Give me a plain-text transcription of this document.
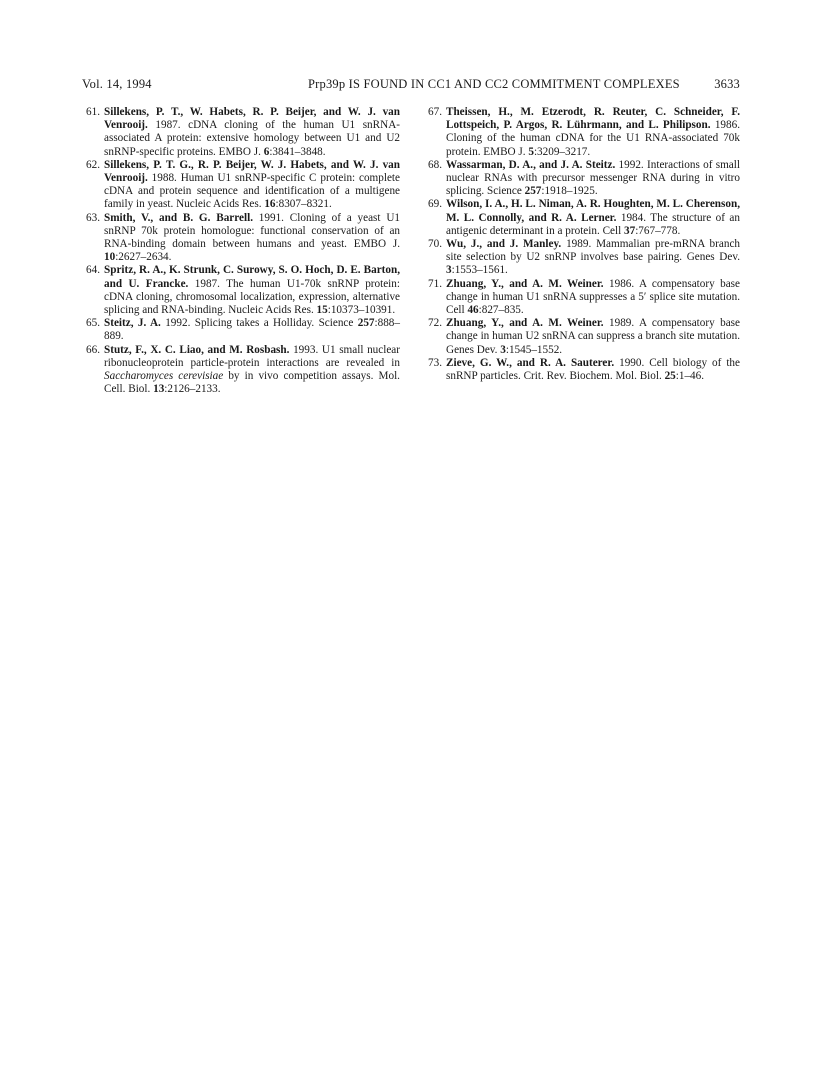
Vol. 14, 1994	Prp39p IS FOUND IN CC1 AND CC2 COMMITMENT COMPLEXES	3633
61 . Sillekens, P. T., W. Habets, R. P. Beijer, and W. J. van Venrooij. 1987. cDNA cloning of the human U1 snRNA-associated A protein: extensive homology between U1 and U2 snRNP-specific proteins. EMBO J. 6:3841–3848.
62 . Sillekens, P. T. G., R. P. Beijer, W. J. Habets, and W. J. van Venrooij. 1988. Human U1 snRNP-specific C protein: complete cDNA and protein sequence and identification of a multigene family in yeast. Nucleic Acids Res. 16:8307–8321.
63 . Smith, V., and B. G. Barrell. 1991. Cloning of a yeast U1 snRNP 70k protein homologue: functional conservation of an RNA-binding domain between humans and yeast. EMBO J. 10:2627–2634.
64 . Spritz, R. A., K. Strunk, C. Surowy, S. O. Hoch, D. E. Barton, and U. Francke. 1987. The human U1-70k snRNP protein: cDNA cloning, chromosomal localization, expression, alternative splicing and RNA-binding. Nucleic Acids Res. 15:10373–10391.
65 . Steitz, J. A. 1992. Splicing takes a Holliday. Science 257:888–889.
66 . Stutz, F., X. C. Liao, and M. Rosbash. 1993. U1 small nuclear ribonucleoprotein particle-protein interactions are revealed in Saccharomyces cerevisiae by in vivo competition assays. Mol. Cell. Biol. 13:2126–2133.
67 . Theissen, H., M. Etzerodt, R. Reuter, C. Schneider, F. Lottspeich, P. Argos, R. Lührmann, and L. Philipson. 1986. Cloning of the human cDNA for the U1 RNA-associated 70k protein. EMBO J. 5:3209–3217.
68 . Wassarman, D. A., and J. A. Steitz. 1992. Interactions of small nuclear RNAs with precursor messenger RNA during in vitro splicing. Science 257:1918–1925.
69 . Wilson, I. A., H. L. Niman, A. R. Houghten, M. L. Cherenson, M. L. Connolly, and R. A. Lerner. 1984. The structure of an antigenic determinant in a protein. Cell 37:767–778.
70 . Wu, J., and J. Manley. 1989. Mammalian pre-mRNA branch site selection by U2 snRNP involves base pairing. Genes Dev. 3:1553–1561.
71 . Zhuang, Y., and A. M. Weiner. 1986. A compensatory base change in human U1 snRNA suppresses a 5′ splice site mutation. Cell 46:827–835.
72 . Zhuang, Y., and A. M. Weiner. 1989. A compensatory base change in human U2 snRNA can suppress a branch site mutation. Genes Dev. 3:1545–1552.
73 . Zieve, G. W., and R. A. Sauterer. 1990. Cell biology of the snRNP particles. Crit. Rev. Biochem. Mol. Biol. 25:1–46.
